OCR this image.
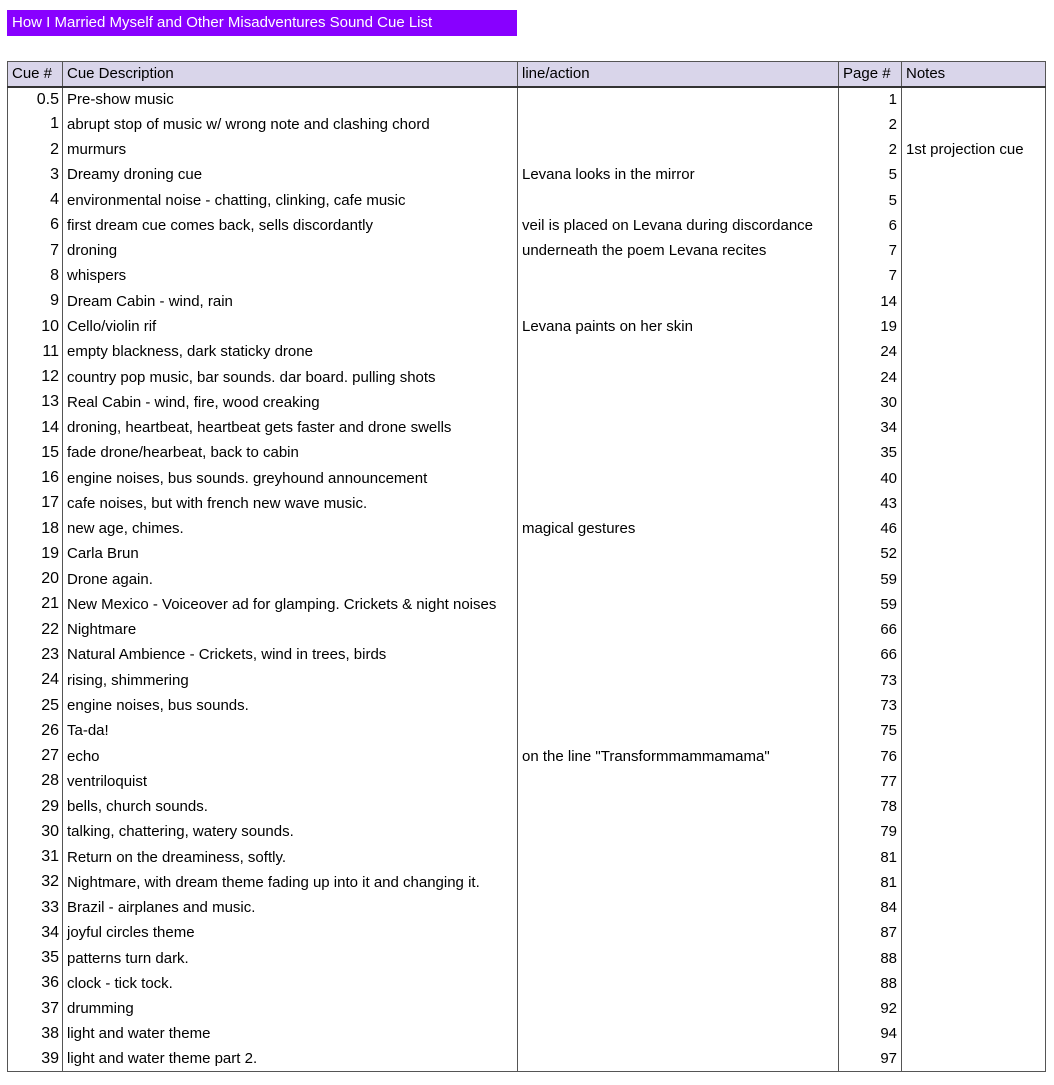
How I Married Myself and Other Misadventures Sound Cue List
Cue #	Cue Description	line/action	Page #	Notes
0.5	Pre-show music		1	
1	abrupt stop of music w/ wrong note and clashing chord		2	
2	murmurs		2	1st projection cue
3	Dreamy droning cue	Levana looks in the mirror	5	
4	environmental noise - chatting, clinking, cafe music		5	
6	first dream cue comes back, sells discordantly	veil is placed on Levana during discordance	6	
7	droning	underneath the poem Levana recites	7	
8	whispers		7	
9	Dream Cabin - wind, rain		14	
10	Cello/violin rif	Levana paints on her skin	19	
11	empty blackness, dark staticky drone		24	
12	country pop music, bar sounds. dar board. pulling shots		24	
13	Real Cabin - wind, fire, wood creaking		30	
14	droning, heartbeat, heartbeat gets faster and drone swells		34	
15	fade drone/hearbeat, back to cabin		35	
16	engine noises, bus sounds. greyhound announcement		40	
17	cafe noises, but with french new wave music.		43	
18	new age, chimes.	magical gestures	46	
19	Carla Brun		52	
20	Drone again.		59	
21	New Mexico - Voiceover ad for glamping. Crickets & night noises		59	
22	Nightmare		66	
23	Natural Ambience - Crickets, wind in trees, birds		66	
24	rising, shimmering		73	
25	engine noises, bus sounds.		73	
26	Ta-da!		75	
27	echo	on the line "Transformmammamama"	76	
28	ventriloquist		77	
29	bells, church sounds.		78	
30	talking, chattering, watery sounds.		79	
31	Return on the dreaminess, softly.		81	
32	Nightmare, with dream theme fading up into it and changing it.		81	
33	Brazil - airplanes and music.		84	
34	joyful circles theme		87	
35	patterns turn dark.		88	
36	clock - tick tock.		88	
37	drumming		92	
38	light and water theme		94	
39	light and water theme part 2.		97	
